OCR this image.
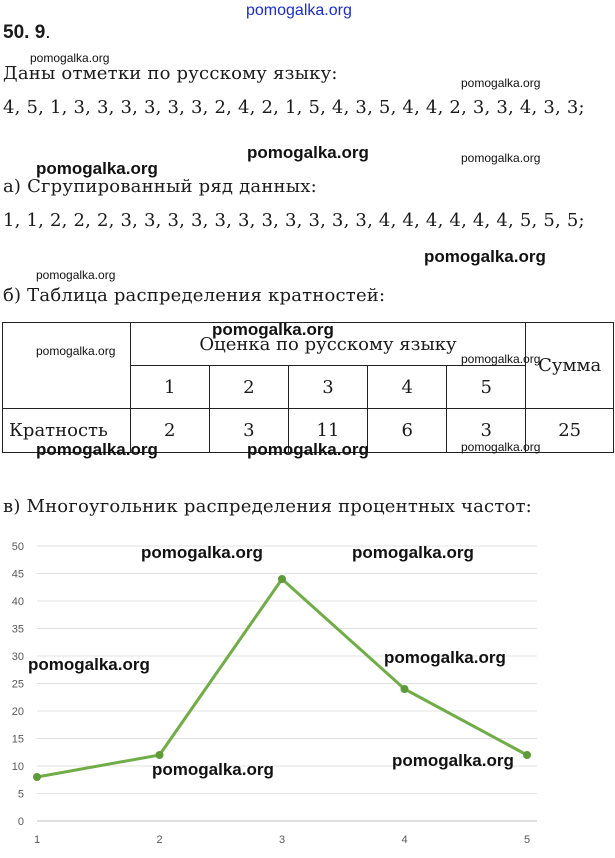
pomogalka.org
50. 9.
pomogalka.org
Даны отметки по русскому языку:	pomogalka.org
4, 5, 1, 3, 3, 3, 3, 3, 3, 2, 4, 2, 1, 5, 4, 3, 5, 4, 4, 2, 3, 3, 4, 3, 3;
pomogalka.org	pomogalka.org
pomogalka.org
а) Сгрупированный ряд данных:
1, 1, 2, 2, 2, 3, 3, 3, 3, 3, 3, 3, 3, 3, 3, 3, 4, 4, 4, 4, 4, 4, 5, 5, 5;
pomogalka.org
pomogalka.org
б) Таблица распределения кратностей:
	Оценка по русскому языку					Сумма
	1	2	3	4	5	
Кратность	2	3	11	6	3	25
pomogalka.org
pomogalka.org
pomogalka.org
pomogalka.org	pomogalka.org	pomogalka.org
в) Многоугольник распределения процентных частот:
0
5
10
15
20
25
30
35
40
45
50
1	2	3	4	5
pomogalka.org	pomogalka.org
pomogalka.org
pomogalka.org
pomogalka.org
pomogalka.org
